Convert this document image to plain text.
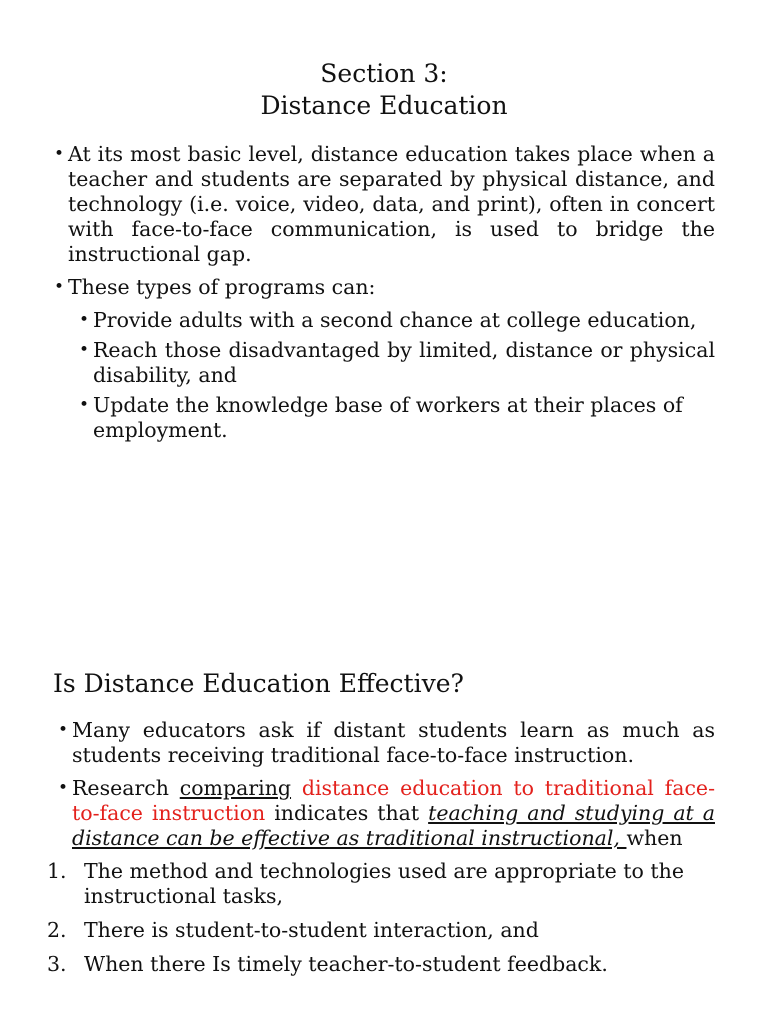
Section 3:
Distance Education
• At its most basic level, distance education takes place when a teacher and students are separated by physical distance, and technology (i.e. voice, video, data, and print), often in concert with face-to-face communication, is used to bridge the instructional gap.
• These types of programs can:
• Provide adults with a second chance at college education,
• Reach those disadvantaged by limited, distance or physical disability, and
• Update the knowledge base of workers at their places of employment.
Is Distance Education Effective?
• Many educators ask if distant students learn as much as students receiving traditional face-to-face instruction.
• Research comparing distance education to traditional face-to-face instruction indicates that teaching and studying at a distance can be effective as traditional instructional, when
1. The method and technologies used are appropriate to the instructional tasks,
2. There is student-to-student interaction, and
3. When there Is timely teacher-to-student feedback.
